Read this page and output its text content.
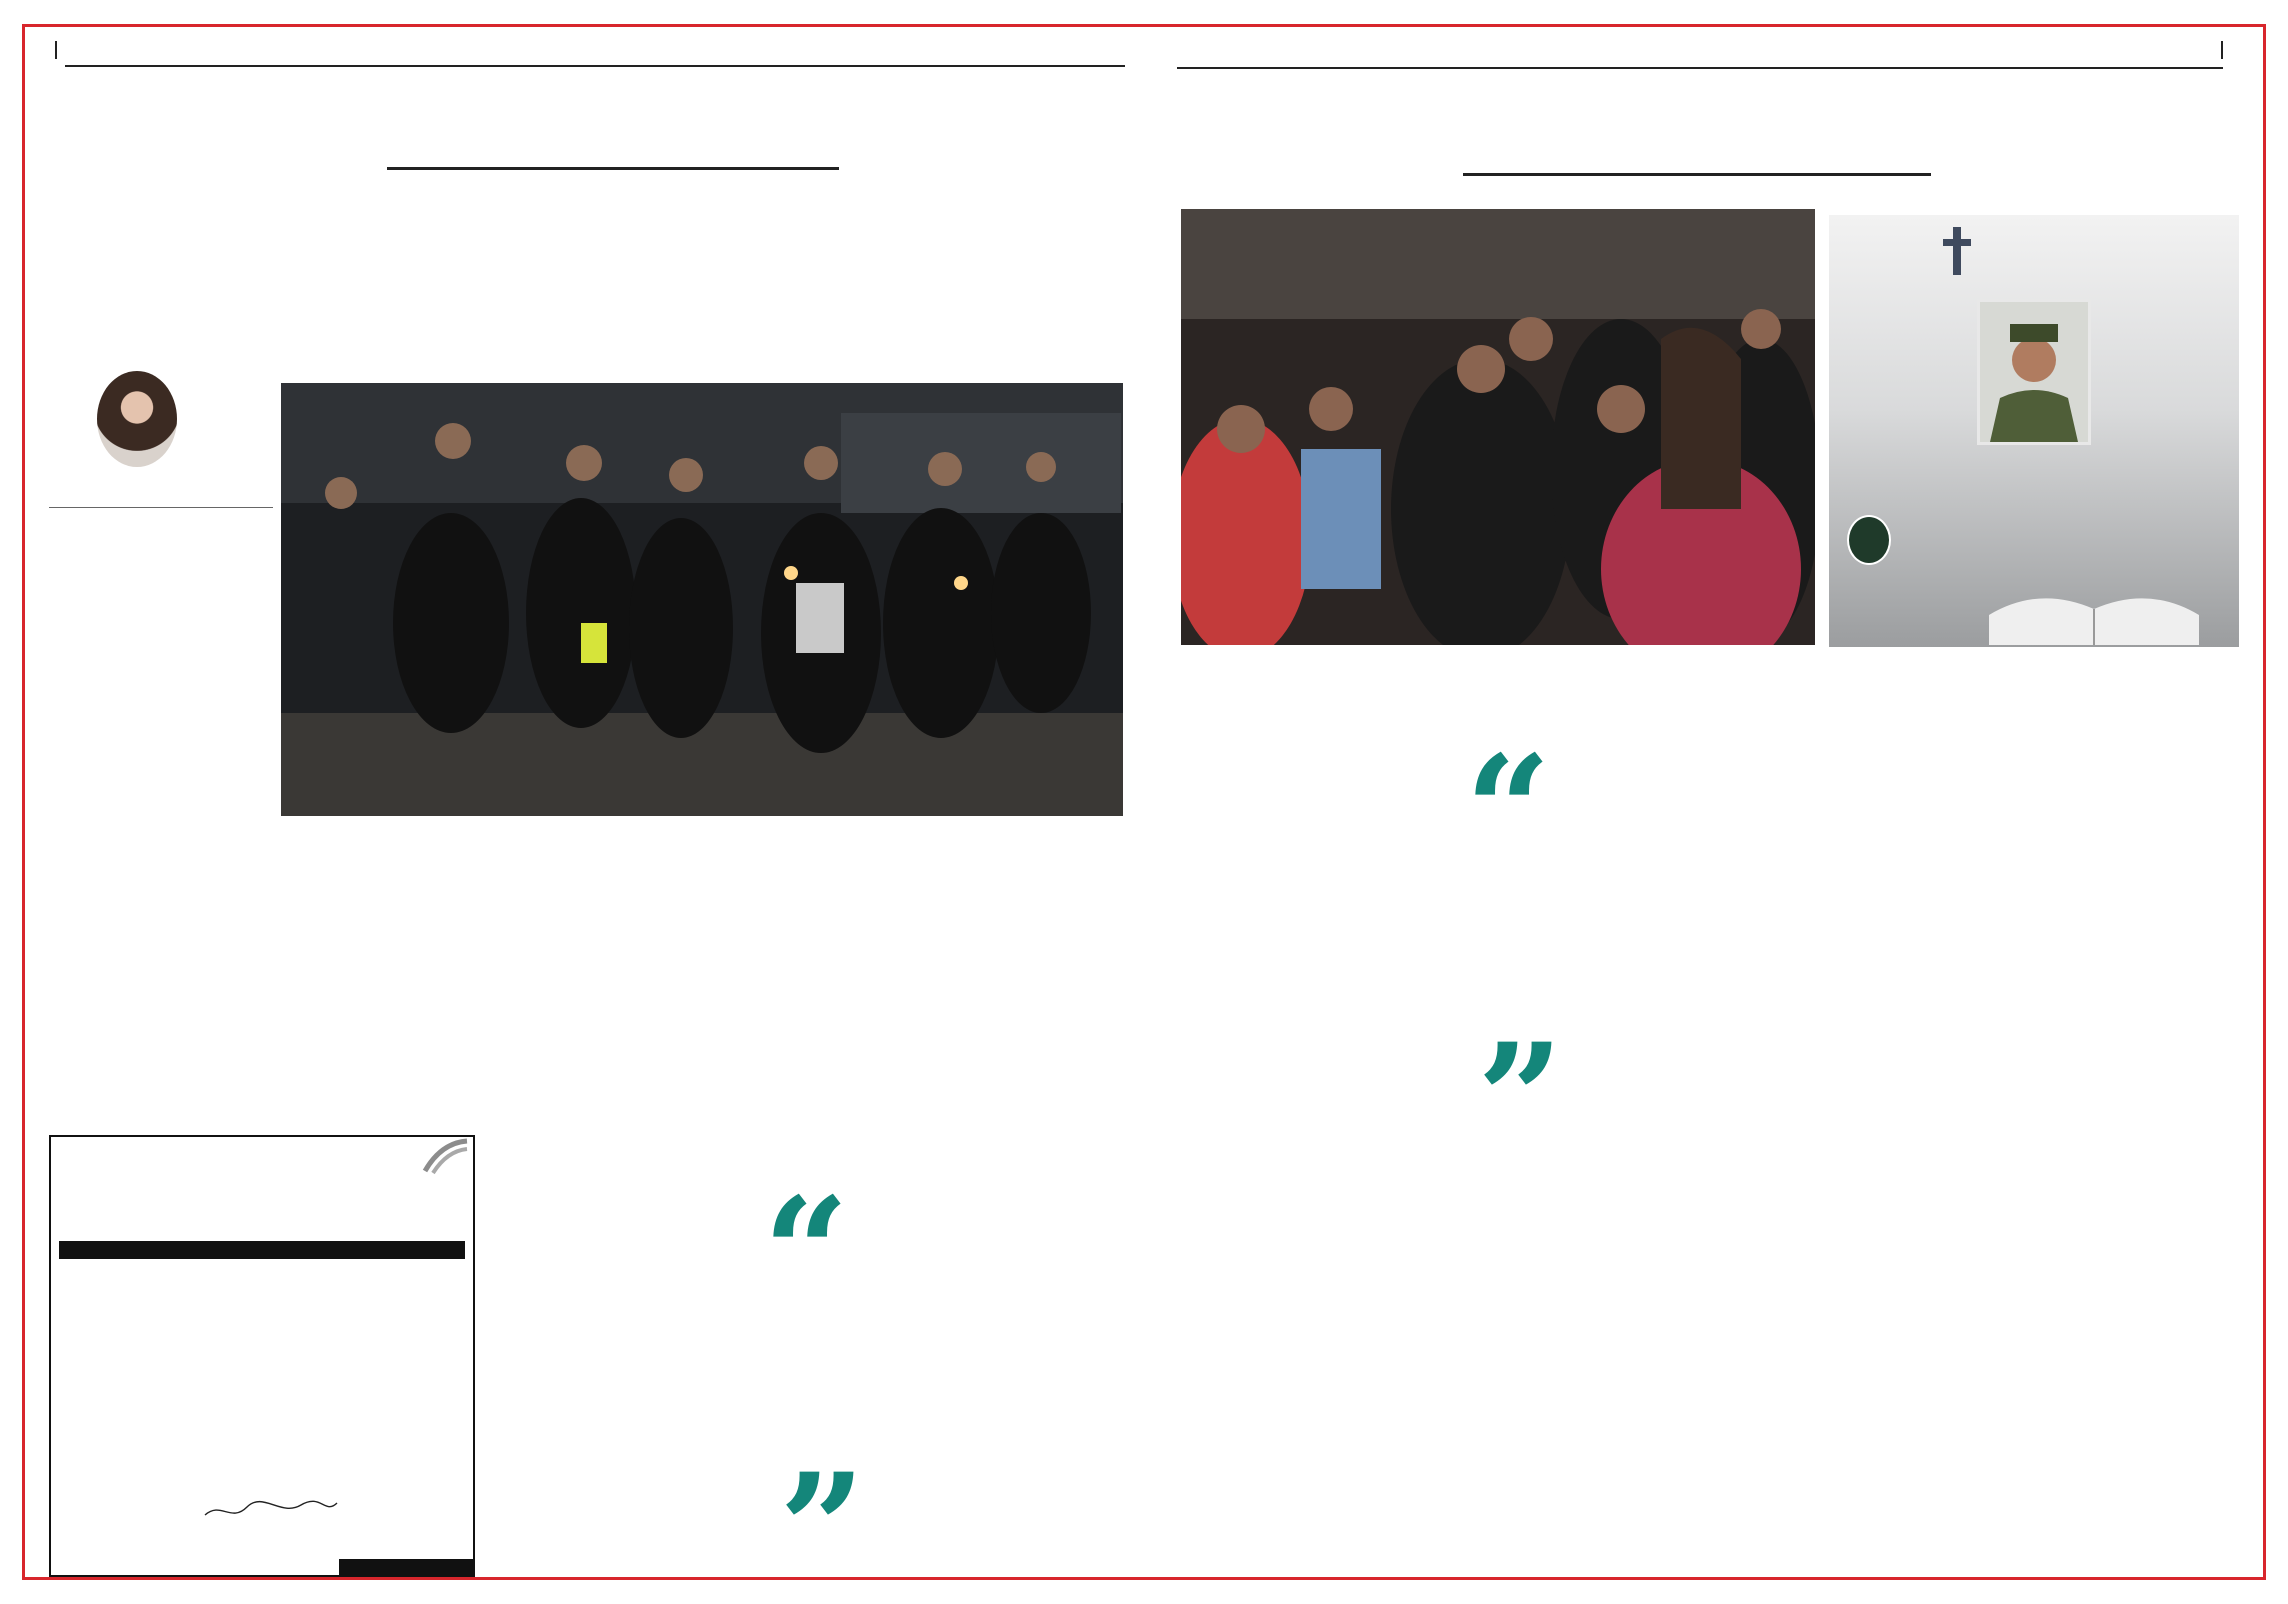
“
”

“
”
